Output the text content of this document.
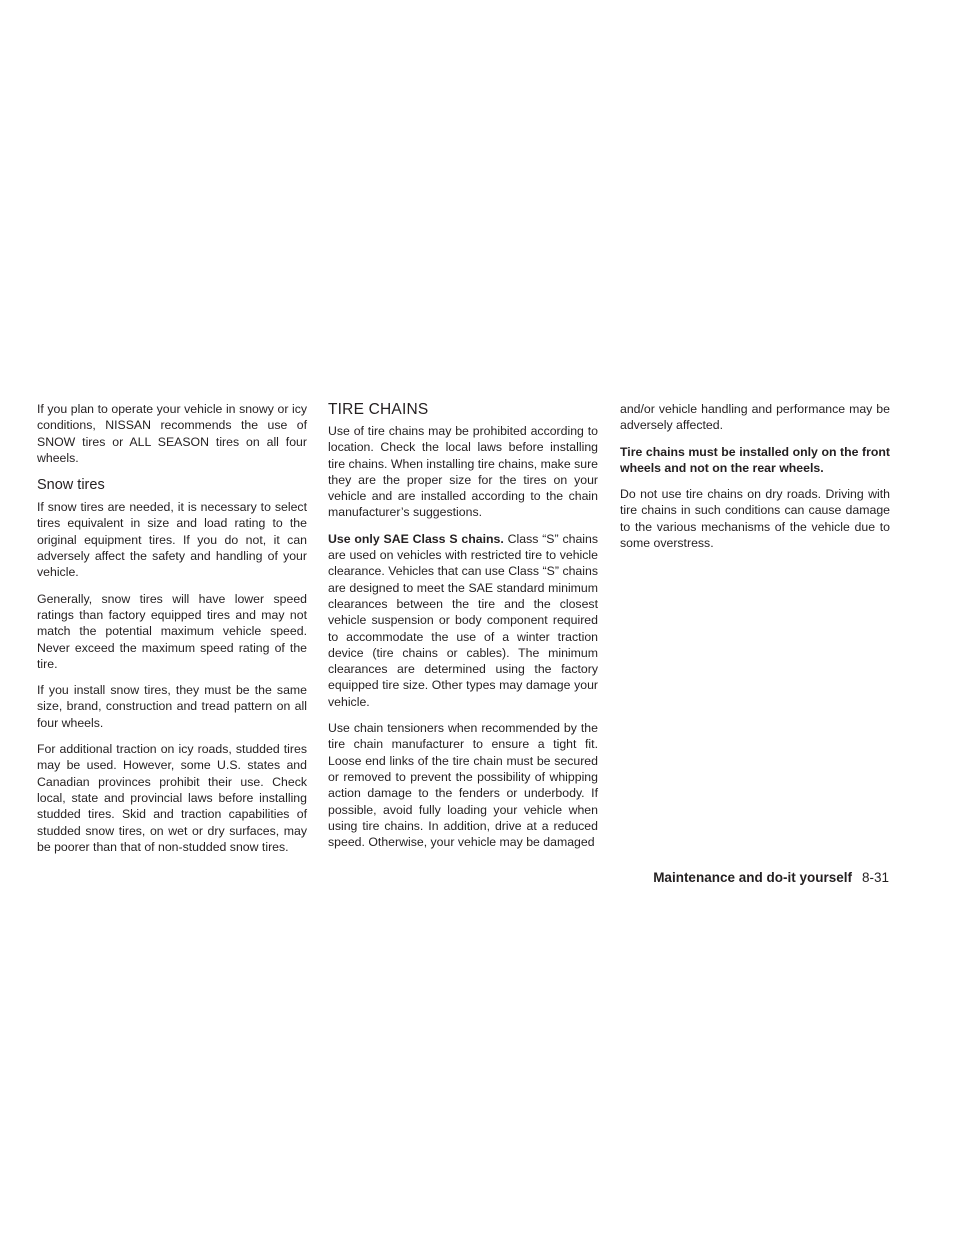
If you plan to operate your vehicle in snowy or icy conditions, NISSAN recommends the use of SNOW tires or ALL SEASON tires on all four wheels.

Snow tires

If snow tires are needed, it is necessary to select tires equivalent in size and load rating to the original equipment tires. If you do not, it can adversely affect the safety and handling of your vehicle.

Generally, snow tires will have lower speed ratings than factory equipped tires and may not match the potential maximum vehicle speed. Never exceed the maximum speed rating of the tire.

If you install snow tires, they must be the same size, brand, construction and tread pattern on all four wheels.

For additional traction on icy roads, studded tires may be used. However, some U.S. states and Canadian provinces prohibit their use. Check local, state and provincial laws before installing studded tires. Skid and traction capabilities of studded snow tires, on wet or dry surfaces, may be poorer than that of non-studded snow tires.

TIRE CHAINS

Use of tire chains may be prohibited according to location. Check the local laws before installing tire chains. When installing tire chains, make sure they are the proper size for the tires on your vehicle and are installed according to the chain manufacturer’s suggestions.

Use only SAE Class S chains. Class “S” chains are used on vehicles with restricted tire to vehicle clearance. Vehicles that can use Class “S” chains are designed to meet the SAE standard minimum clearances between the tire and the closest vehicle suspension or body component required to accommodate the use of a winter traction device (tire chains or cables). The minimum clearances are determined using the factory equipped tire size. Other types may damage your vehicle.

Use chain tensioners when recommended by the tire chain manufacturer to ensure a tight fit. Loose end links of the tire chain must be secured or removed to prevent the possibility of whipping action damage to the fenders or underbody. If possible, avoid fully loading your vehicle when using tire chains. In addition, drive at a reduced speed. Otherwise, your vehicle may be damaged

and/or vehicle handling and performance may be adversely affected.

Tire chains must be installed only on the front wheels and not on the rear wheels.

Do not use tire chains on dry roads. Driving with tire chains in such conditions can cause damage to the various mechanisms of the vehicle due to some overstress.

Maintenance and do-it yourself 8-31
